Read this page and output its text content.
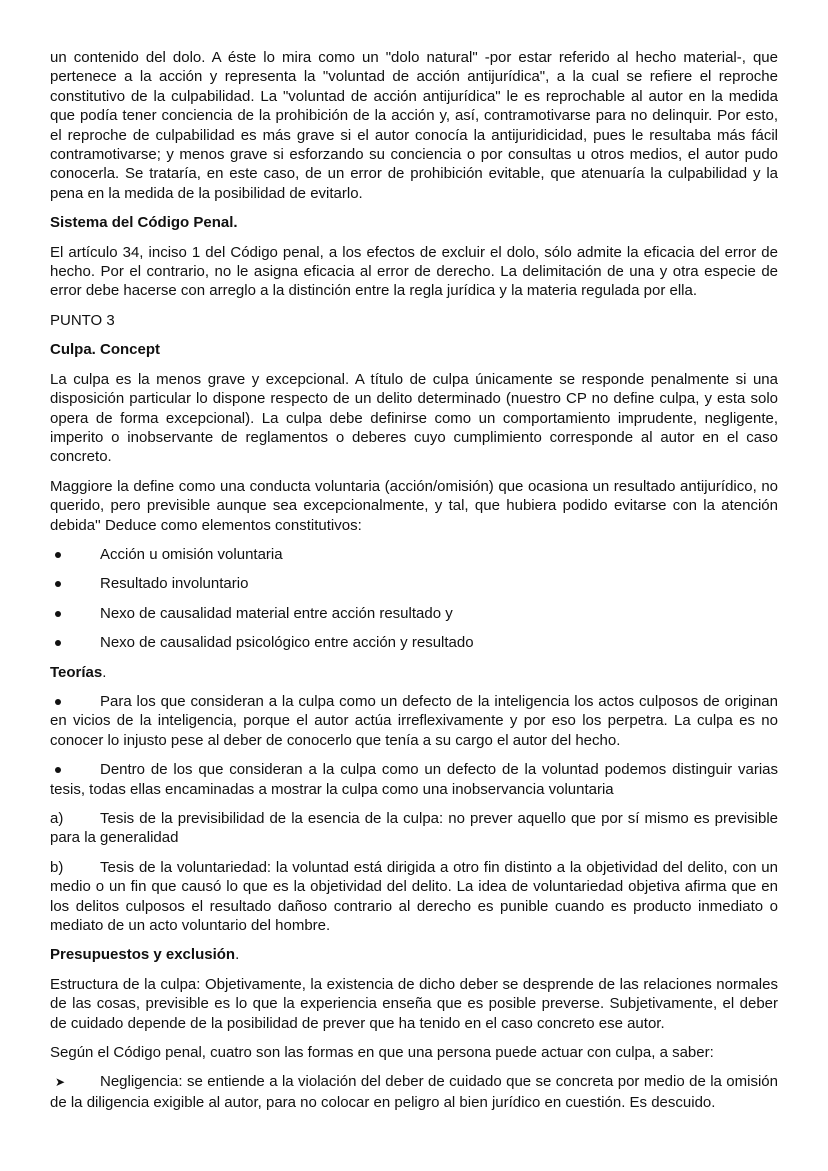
un contenido del dolo. A éste lo mira como un "dolo natural" -por estar referido al hecho material-, que pertenece a la acción y representa la "voluntad de acción antijurídica", a la cual se refiere el reproche constitutivo de la culpabilidad. La "voluntad de acción antijurídica" le es reprochable al autor en la medida que podía tener conciencia de la prohibición de la acción y, así, contramotivarse para no delinquir. Por esto, el reproche de culpabilidad es más grave si el autor conocía la antijuridicidad, pues le resultaba más fácil contramotivarse; y menos grave si esforzando su conciencia o por consultas u otros medios, el autor pudo conocerla. Se trataría, en este caso, de un error de prohibición evitable, que atenuaría la culpabilidad y la pena en la medida de la posibilidad de evitarlo.

Sistema del Código Penal.

El artículo 34, inciso 1 del Código penal, a los efectos de excluir el dolo, sólo admite la eficacia del error de hecho. Por el contrario, no le asigna eficacia al error de derecho. La delimitación de una y otra especie de error debe hacerse con arreglo a la distinción entre la regla jurídica y la materia regulada por ella.

PUNTO 3
Culpa. Concept

La culpa es la menos grave y excepcional. A título de culpa únicamente se responde penalmente si una disposición particular lo dispone respecto de un delito determinado (nuestro CP no define culpa, y esta solo opera de forma excepcional). La culpa debe definirse como un comportamiento imprudente, negligente, imperito o inobservante de reglamentos o deberes cuyo cumplimiento corresponde al autor en el caso concreto.

Maggiore la define como una conducta voluntaria (acción/omisión) que ocasiona un resultado antijurídico, no querido, pero previsible aunque sea excepcionalmente, y tal, que hubiera podido evitarse con la atención debida'' Deduce como elementos constitutivos:

Acción u omisión voluntaria
Resultado involuntario
Nexo de causalidad material entre acción resultado y
Nexo de causalidad psicológico entre acción y resultado
Teorías.

Para los que consideran a la culpa como un defecto de la inteligencia los actos culposos de originan en vicios de la inteligencia, porque el autor actúa irreflexivamente y por eso los perpetra. La culpa es no conocer lo injusto pese al deber de conocerlo que tenía a su cargo el autor del hecho.

Dentro de los que consideran a la culpa como un defecto de la voluntad podemos distinguir varias tesis, todas ellas encaminadas a mostrar la culpa como una inobservancia voluntaria

a) Tesis de la previsibilidad de la esencia de la culpa: no prever aquello que por sí mismo es previsible para la generalidad

b) Tesis de la voluntariedad: la voluntad está dirigida a otro fin distinto a la objetividad del delito, con un medio o un fin que causó lo que es la objetividad del delito. La idea de voluntariedad objetiva afirma que en los delitos culposos el resultado dañoso contrario al derecho es punible cuando es producto inmediato o mediato de un acto voluntario del hombre.

Presupuestos y exclusión.

Estructura de la culpa: Objetivamente, la existencia de dicho deber se desprende de las relaciones normales de las cosas, previsible es lo que la experiencia enseña que es posible preverse. Subjetivamente, el deber de cuidado depende de la posibilidad de prever que ha tenido en el caso concreto ese autor.

Según el Código penal, cuatro son las formas en que una persona puede actuar con culpa, a saber:

➤ Negligencia: se entiende a la violación del deber de cuidado que se concreta por medio de la omisión de la diligencia exigible al autor, para no colocar en peligro al bien jurídico en cuestión. Es descuido.
